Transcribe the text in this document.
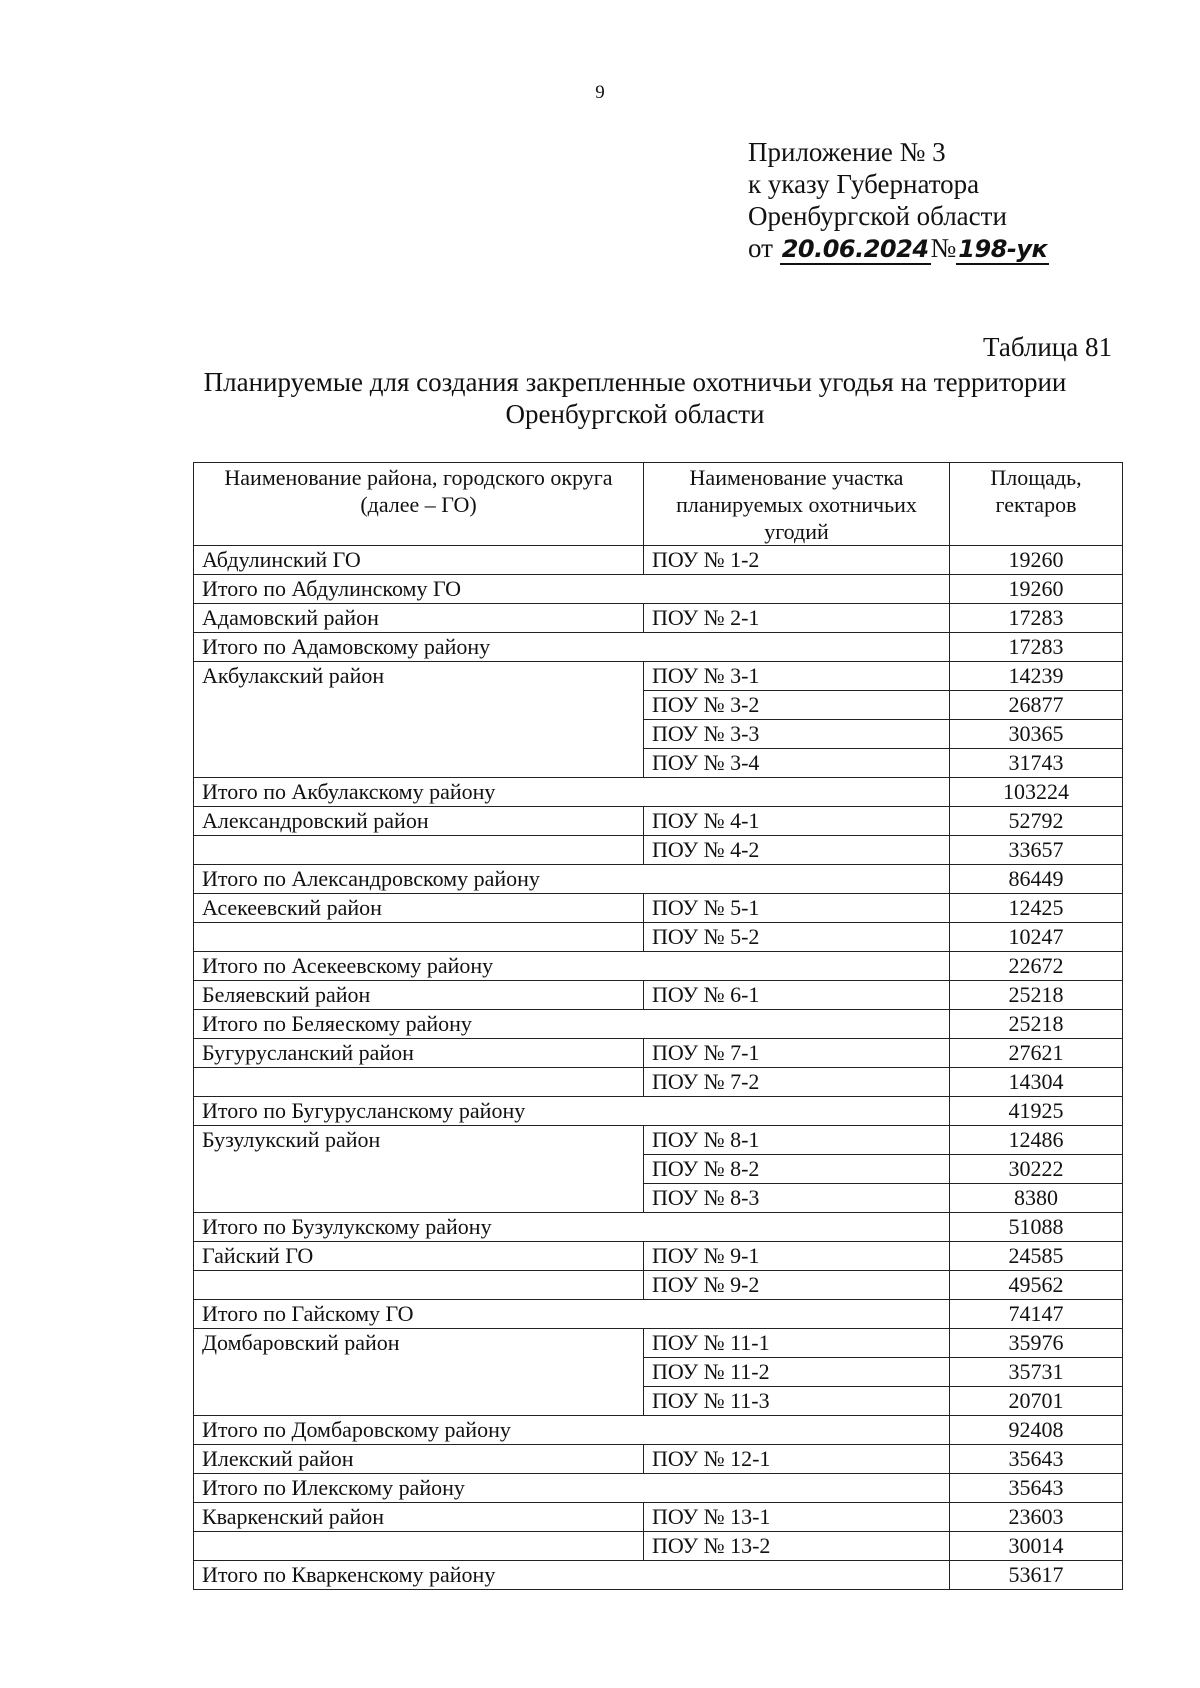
9
Приложение № 3
к указу Губернатора
Оренбургской области
от 20.06.2024№198-ук
Таблица 81
Планируемые для создания закрепленные охотничьи угодья на территории
Оренбургской области
Наименование района, городского округа (далее – ГО)	Наименование участка планируемых охотничьих угодий	Площадь, гектаров
Абдулинский ГО	ПОУ № 1-2	19260
Итого по Абдулинскому ГО		19260
Адамовский район	ПОУ № 2-1	17283
Итого по Адамовскому району		17283
Акбулакский район	ПОУ № 3-1	14239
	ПОУ № 3-2	26877
	ПОУ № 3-3	30365
	ПОУ № 3-4	31743
Итого по Акбулакскому району		103224
Александровский район	ПОУ № 4-1	52792
	ПОУ № 4-2	33657
Итого по Александровскому району		86449
Асекеевский район	ПОУ № 5-1	12425
	ПОУ № 5-2	10247
Итого по Асекеевскому району		22672
Беляевский район	ПОУ № 6-1	25218
Итого по Беляескому району		25218
Бугурусланский район	ПОУ № 7-1	27621
	ПОУ № 7-2	14304
Итого по Бугурусланскому району		41925
Бузулукский район	ПОУ № 8-1	12486
	ПОУ № 8-2	30222
	ПОУ № 8-3	8380
Итого по Бузулукскому району		51088
Гайский ГО	ПОУ № 9-1	24585
	ПОУ № 9-2	49562
Итого по Гайскому ГО		74147
Домбаровский район	ПОУ № 11-1	35976
	ПОУ № 11-2	35731
	ПОУ № 11-3	20701
Итого по Домбаровскому району		92408
Илекский район	ПОУ № 12-1	35643
Итого по Илекскому району		35643
Кваркенский район	ПОУ № 13-1	23603
	ПОУ № 13-2	30014
Итого по Кваркенскому району		53617
